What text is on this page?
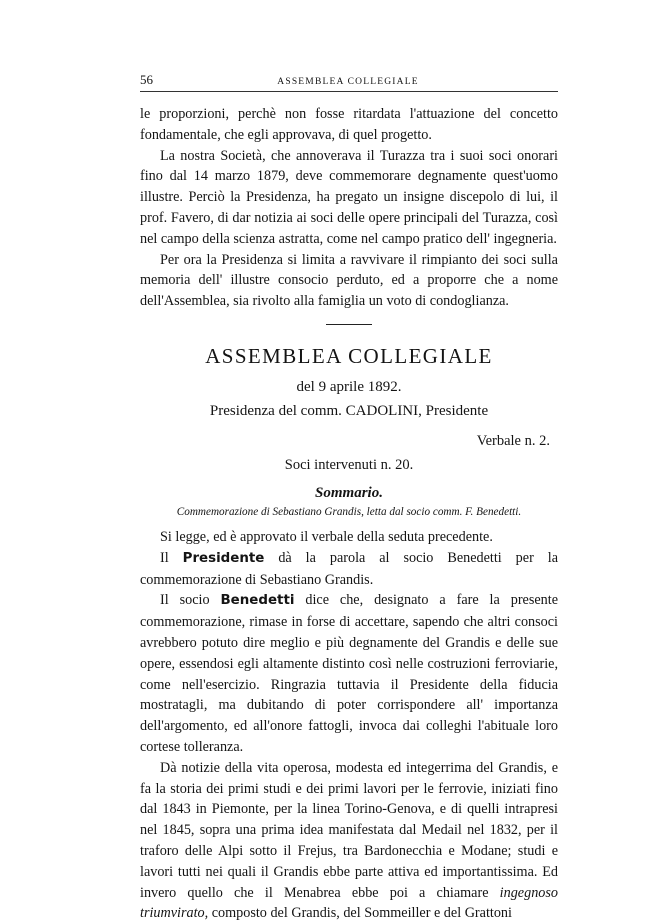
56	ASSEMBLEA COLLEGIALE

le proporzioni, perchè non fosse ritardata l'attuazione del concetto fondamentale, che egli approvava, di quel progetto.

La nostra Società, che annoverava il Turazza tra i suoi soci onorari fino dal 14 marzo 1879, deve commemorare degnamente quest'uomo illustre. Perciò la Presidenza, ha pregato un insigne discepolo di lui, il prof. Favero, di dar notizia ai soci delle opere principali del Turazza, così nel campo della scienza astratta, come nel campo pratico dell' ingegneria.

Per ora la Presidenza si limita a ravvivare il rimpianto dei soci sulla memoria dell' illustre consocio perduto, ed a proporre che a nome dell'Assemblea, sia rivolto alla famiglia un voto di condoglianza.

ASSEMBLEA COLLEGIALE
del 9 aprile 1892.
Presidenza del comm. CADOLINI, Presidente
Verbale n. 2.
Soci intervenuti n. 20.
Sommario.
Commemorazione di Sebastiano Grandis, letta dal socio comm. F. Benedetti.

Si legge, ed è approvato il verbale della seduta precedente.

Il Presidente dà la parola al socio Benedetti per la commemorazione di Sebastiano Grandis.

Il socio Benedetti dice che, designato a fare la presente commemorazione, rimase in forse di accettare, sapendo che altri consoci avrebbero potuto dire meglio e più degnamente del Grandis e delle sue opere, essendosi egli altamente distinto così nelle costruzioni ferroviarie, come nell'esercizio. Ringrazia tuttavia il Presidente della fiducia mostratagli, ma dubitando di poter corrispondere all' importanza dell'argomento, ed all'onore fattogli, invoca dai colleghi l'abituale loro cortese tolleranza.

Dà notizie della vita operosa, modesta ed integerrima del Grandis, e fa la storia dei primi studi e dei primi lavori per le ferrovie, iniziati fino dal 1843 in Piemonte, per la linea Torino-Genova, e di quelli intrapresi nel 1845, sopra una prima idea manifestata dal Medail nel 1832, per il traforo delle Alpi sotto il Frejus, tra Bardonecchia e Modane; studi e lavori tutti nei quali il Grandis ebbe parte attiva ed importantissima. Ed invero quello che il Menabrea ebbe poi a chiamare ingegnoso triumvirato, composto del Grandis, del Sommeiller e del Grattoni
